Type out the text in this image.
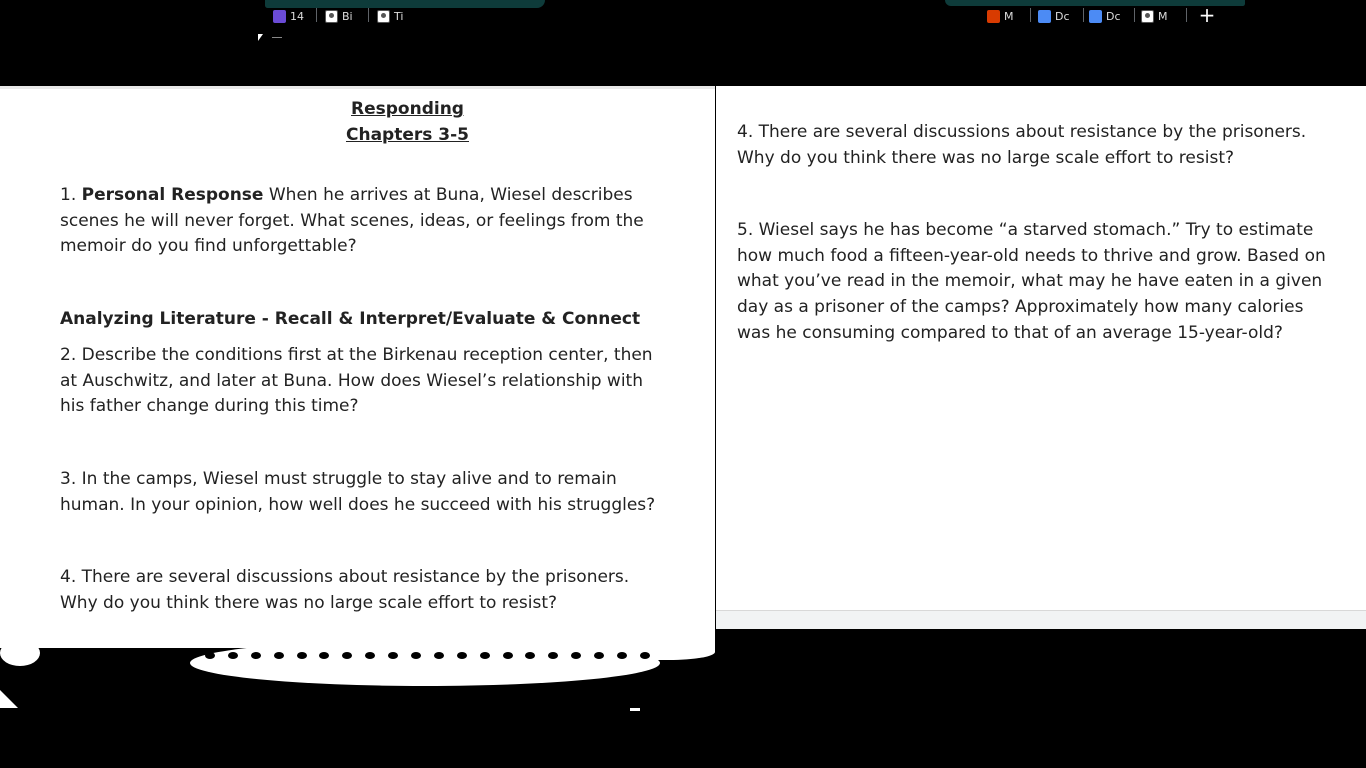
14	Bi	Ti	M	Dc	Dc	M +
Responding
Chapters 3-5
1. Personal Response When he arrives at Buna, Wiesel describes scenes he will never forget. What scenes, ideas, or feelings from the memoir do you find unforgettable?
Analyzing Literature - Recall & Interpret/Evaluate & Connect
2. Describe the conditions first at the Birkenau reception center, then at Auschwitz, and later at Buna. How does Wiesel’s relationship with his father change during this time?
3. In the camps, Wiesel must struggle to stay alive and to remain human. In your opinion, how well does he succeed with his struggles?
4. There are several discussions about resistance by the prisoners. Why do you think there was no large scale effort to resist?
4. There are several discussions about resistance by the prisoners. Why do you think there was no large scale effort to resist?
5. Wiesel says he has become “a starved stomach.” Try to estimate how much food a fifteen-year-old needs to thrive and grow. Based on what you’ve read in the memoir, what may he have eaten in a given day as a prisoner of the camps? Approximately how many calories was he consuming compared to that of an average 15-year-old?
